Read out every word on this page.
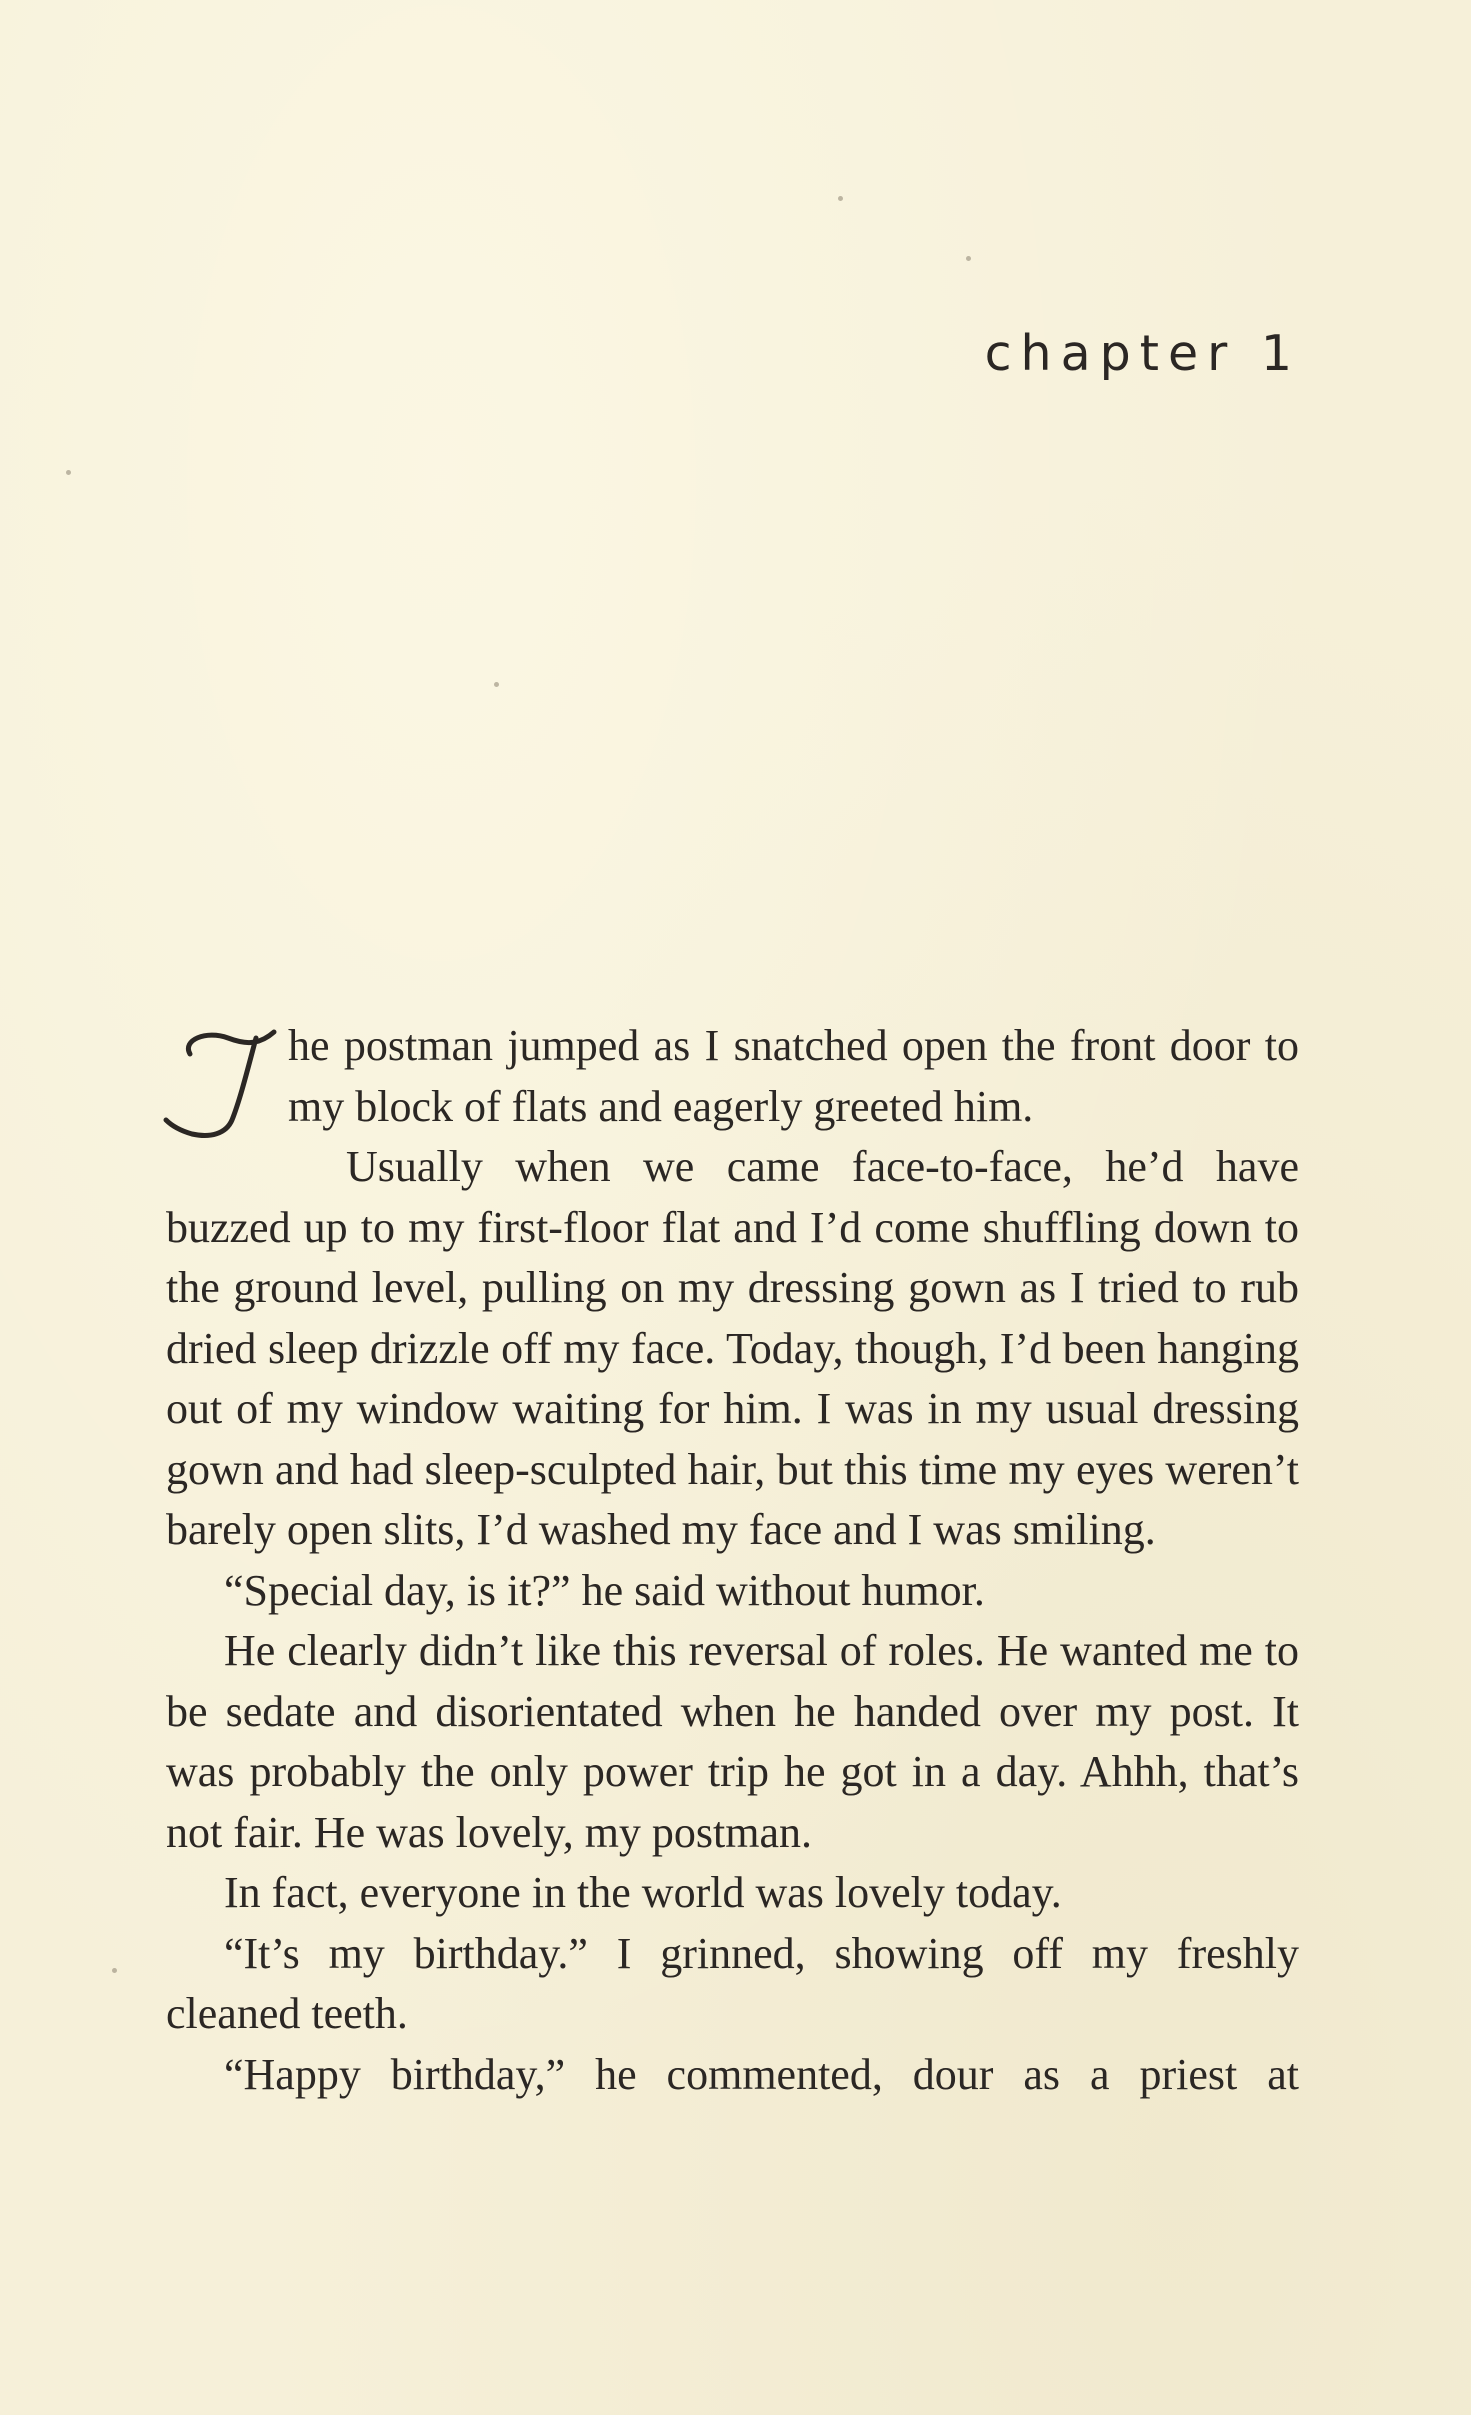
chapter 1

he postman jumped as I snatched open the front door to my block of flats and eagerly greeted him.

Usually when we came face-to-face, he’d have buzzed up to my first-floor flat and I’d come shuffling down to the ground level, pulling on my dressing gown as I tried to rub dried sleep drizzle off my face. Today, though, I’d been hanging out of my window waiting for him. I was in my usual dressing gown and had sleep-sculpted hair, but this time my eyes weren’t barely open slits, I’d washed my face and I was smiling.

“Special day, is it?” he said without humor.

He clearly didn’t like this reversal of roles. He wanted me to be sedate and disorientated when he handed over my post. It was probably the only power trip he got in a day. Ahhh, that’s not fair. He was lovely, my postman.

In fact, everyone in the world was lovely today.

“It’s my birthday.” I grinned, showing off my freshly cleaned teeth.

“Happy birthday,” he commented, dour as a priest at
